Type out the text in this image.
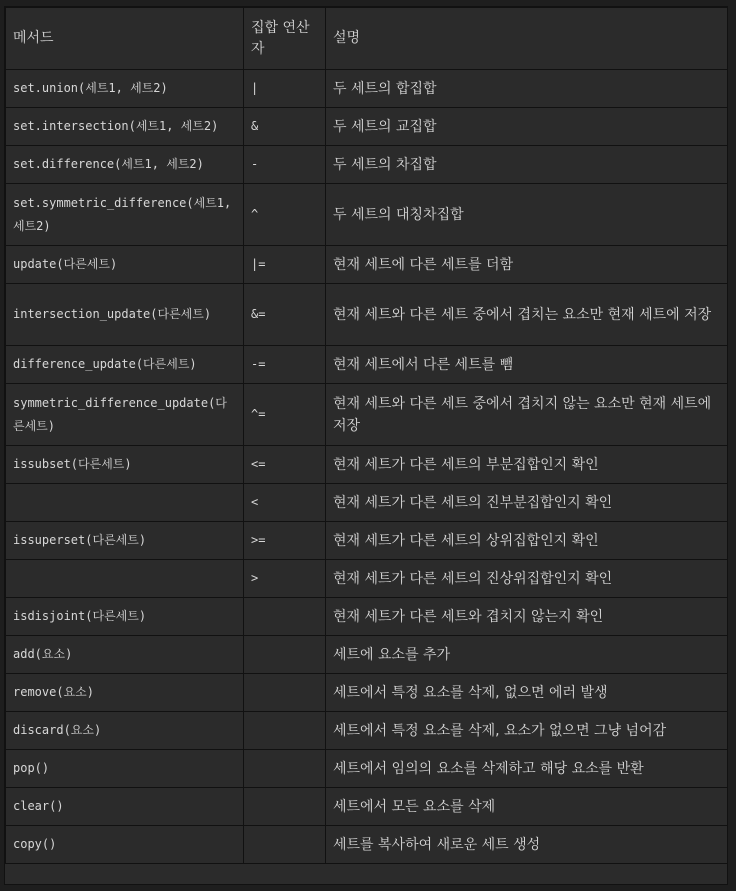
메서드	집합 연산자	설명
set.union(세트1, 세트2)	|	두 세트의 합집합
set.intersection(세트1, 세트2)	&	두 세트의 교집합
set.difference(세트1, 세트2)	-	두 세트의 차집합
set.symmetric_difference(세트1, 세트2)	^	두 세트의 대칭차집합
update(다른세트)	|=	현재 세트에 다른 세트를 더함
intersection_update(다른세트)	&=	현재 세트와 다른 세트 중에서 겹치는 요소만 현재 세트에 저장
difference_update(다른세트)	-=	현재 세트에서 다른 세트를 뺌
symmetric_difference_update(다른세트)	^=	현재 세트와 다른 세트 중에서 겹치지 않는 요소만 현재 세트에 저장
issubset(다른세트)	<=	현재 세트가 다른 세트의 부분집합인지 확인
	<	현재 세트가 다른 세트의 진부분집합인지 확인
issuperset(다른세트)	>=	현재 세트가 다른 세트의 상위집합인지 확인
	>	현재 세트가 다른 세트의 진상위집합인지 확인
isdisjoint(다른세트)		현재 세트가 다른 세트와 겹치지 않는지 확인
add(요소)		세트에 요소를 추가
remove(요소)		세트에서 특정 요소를 삭제, 없으면 에러 발생
discard(요소)		세트에서 특정 요소를 삭제, 요소가 없으면 그냥 넘어감
pop()		세트에서 임의의 요소를 삭제하고 해당 요소를 반환
clear()		세트에서 모든 요소를 삭제
copy()		세트를 복사하여 새로운 세트 생성
